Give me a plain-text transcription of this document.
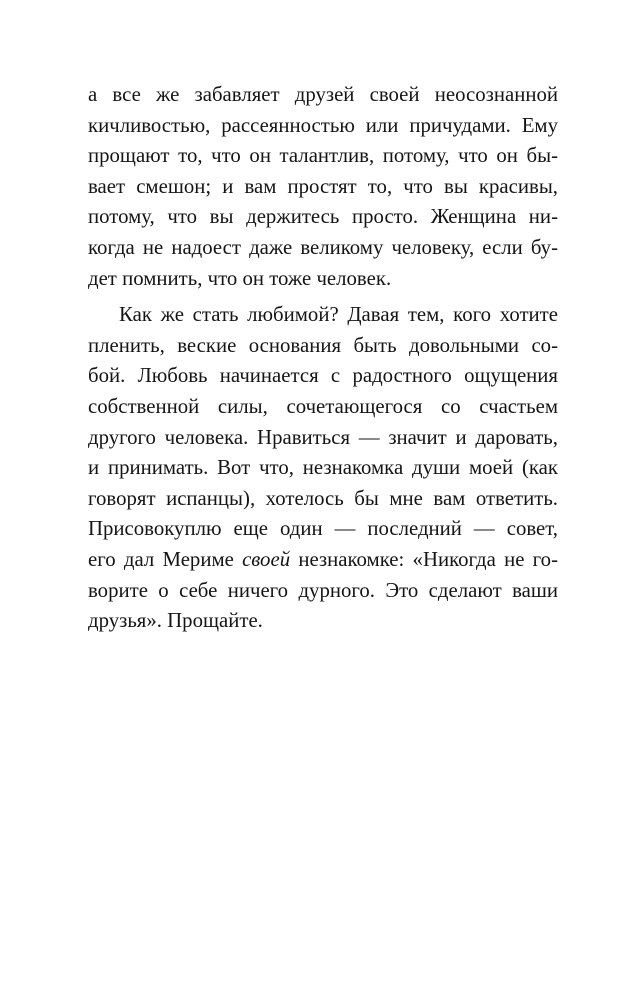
а все же забавляет друзей своей неосознанной
кичливостью, рассеянностью или причудами. Ему
прощают то, что он талантлив, потому, что он бы-
вает смешон; и вам простят то, что вы красивы,
потому, что вы держитесь просто. Женщина ни-
когда не надоест даже великому человеку, если бу-
дет помнить, что он тоже человек.
Как же стать любимой? Давая тем, кого хотите
пленить, веские основания быть довольными со-
бой. Любовь начинается с радостного ощущения
собственной силы, сочетающегося со счастьем
другого человека. Нравиться — значит и даровать,
и принимать. Вот что, незнакомка души моей (как
говорят испанцы), хотелось бы мне вам ответить.
Присовокуплю еще один — последний — совет,
его дал Мериме своей незнакомке: «Никогда не го-
ворите о себе ничего дурного. Это сделают ваши
друзья». Прощайте.
